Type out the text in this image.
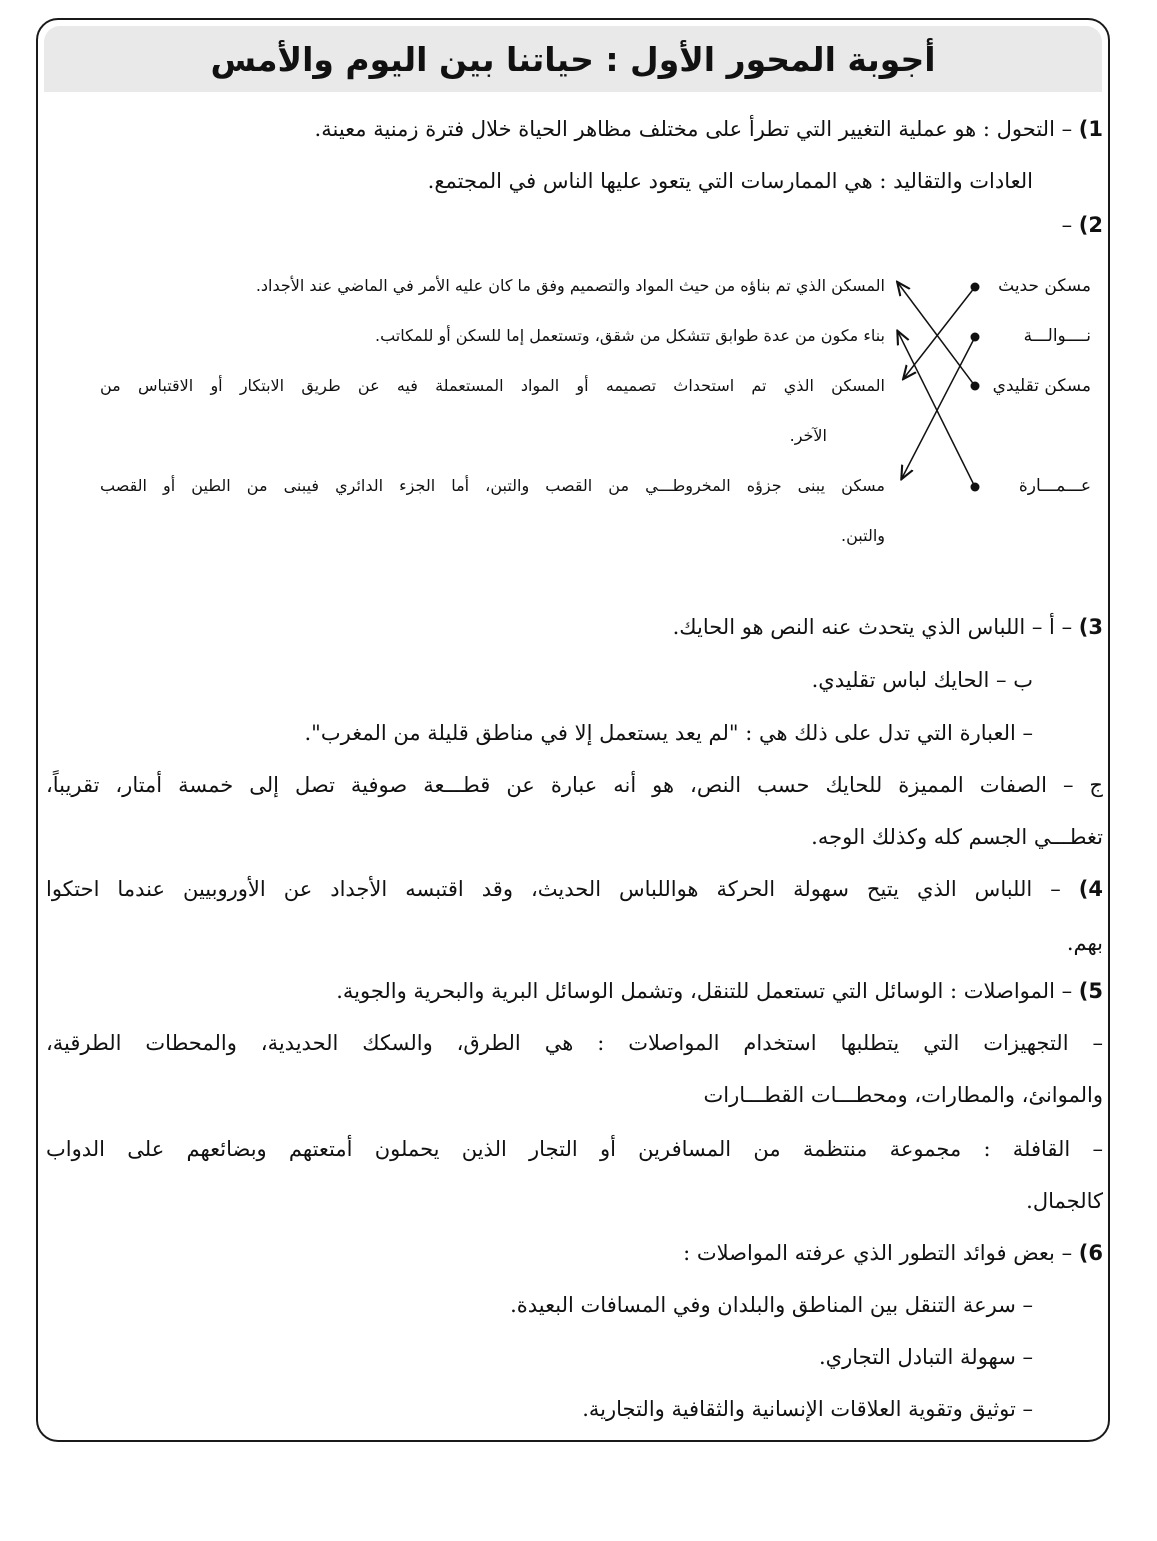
أجوبة المحور الأول : حياتنا بين اليوم والأمس

1) – التحول : هو عملية التغيير التي تطرأ على مختلف مظاهر الحياة خلال فترة زمنية معينة.

العادات والتقاليد : هي الممارسات التي يتعود عليها الناس في المجتمع.

2) –

مسكن حديث

نــــوالـــة

مسكن تقليدي

عـــمـــارة

المسكن الذي تم بناؤه من حيث المواد والتصميم وفق ما كان عليه الأمر في الماضي عند الأجداد.

بناء مكون من عدة طوابق تتشكل من شقق، وتستعمل إما للسكن أو للمكاتب.

المسكن الذي تم استحداث تصميمه أو المواد المستعملة فيه عن طريق الابتكار أو الاقتباس من

الآخر.

مسكن يبنى جزؤه المخروطـــي من القصب والتبن، أما الجزء الدائري فيبنى من الطين أو القصب

والتبن.

3) – أ – اللباس الذي يتحدث عنه النص هو الحايك.

ب – الحايك لباس تقليدي.

– العبارة التي تدل على ذلك هي : "لم يعد يستعمل إلا في مناطق قليلة من المغرب".

ج – الصفات المميزة للحايك حسب النص، هو أنه عبارة عن قطـــعة صوفية تصل إلى خمسة أمتار، تقريباً،

تغطـــي الجسم كله وكذلك الوجه.

4) – اللباس الذي يتيح سهولة الحركة هواللباس الحديث، وقد اقتبسه الأجداد عن الأوروبيين عندما احتكوا

بهم.

5) – المواصلات : الوسائل التي تستعمل للتنقل، وتشمل الوسائل البرية والبحرية والجوية.

– التجهيزات التي يتطلبها استخدام المواصلات : هي الطرق، والسكك الحديدية، والمحطات الطرقية،

والموانئ، والمطارات، ومحطـــات القطـــارات

– القافلة : مجموعة منتظمة من المسافرين أو التجار الذين يحملون أمتعتهم وبضائعهم على الدواب

كالجمال.

6) – بعض فوائد التطور الذي عرفته المواصلات :

– سرعة التنقل بين المناطق والبلدان وفي المسافات البعيدة.

– سهولة التبادل التجاري.

– توثيق وتقوية العلاقات الإنسانية والثقافية والتجارية.
